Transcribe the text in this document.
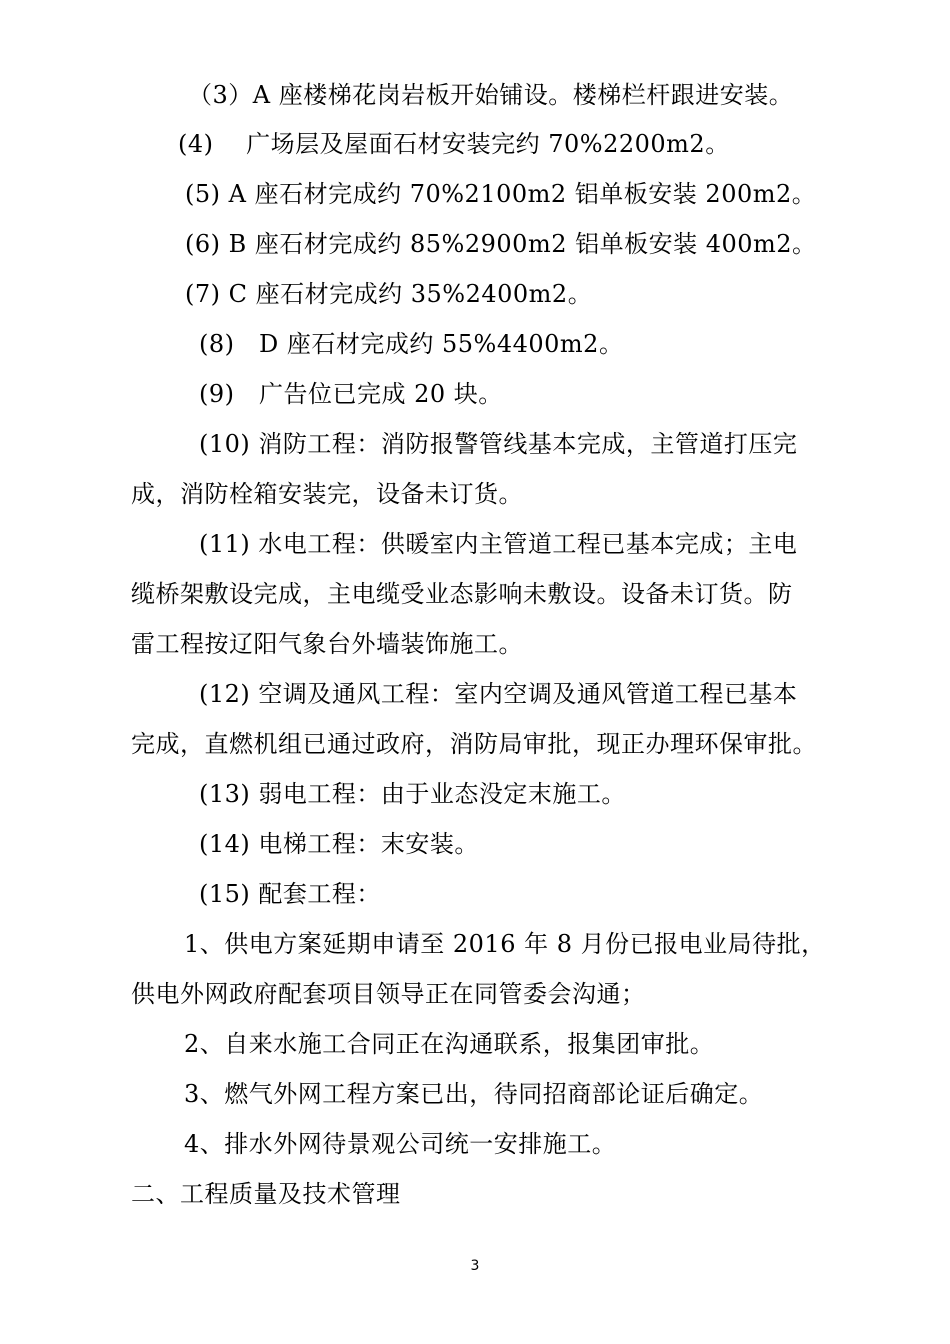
（3）A 座楼梯花岗岩板开始铺设。楼梯栏杆跟进安装。
(4)　 广场层及屋面石材安装完约 70%2200m2。
(5) A 座石材完成约 70%2100m2 铝单板安装 200m2。
(6) B 座石材完成约 85%2900m2 铝单板安装 400m2。
(7) C 座石材完成约 35%2400m2。
(8)　D 座石材完成约 55%4400m2。
(9)　广告位已完成 20 块。
(10) 消防工程：消防报警管线基本完成，主管道打压完
成，消防栓箱安装完，设备未订货。
(11) 水电工程：供暖室内主管道工程已基本完成；主电
缆桥架敷设完成，主电缆受业态影响未敷设。设备未订货。防
雷工程按辽阳气象台外墙装饰施工。
(12) 空调及通风工程：室内空调及通风管道工程已基本
完成，直燃机组已通过政府，消防局审批，现正办理环保审批。
(13) 弱电工程：由于业态没定末施工。
(14) 电梯工程：末安装。
(15) 配套工程：
1、供电方案延期申请至 2016 年 8 月份已报电业局待批，
供电外网政府配套项目领导正在同管委会沟通；
2、自来水施工合同正在沟通联系，报集团审批。
3、燃气外网工程方案已出，待同招商部论证后确定。
4、排水外网待景观公司统一安排施工。
二、工程质量及技术管理
3
